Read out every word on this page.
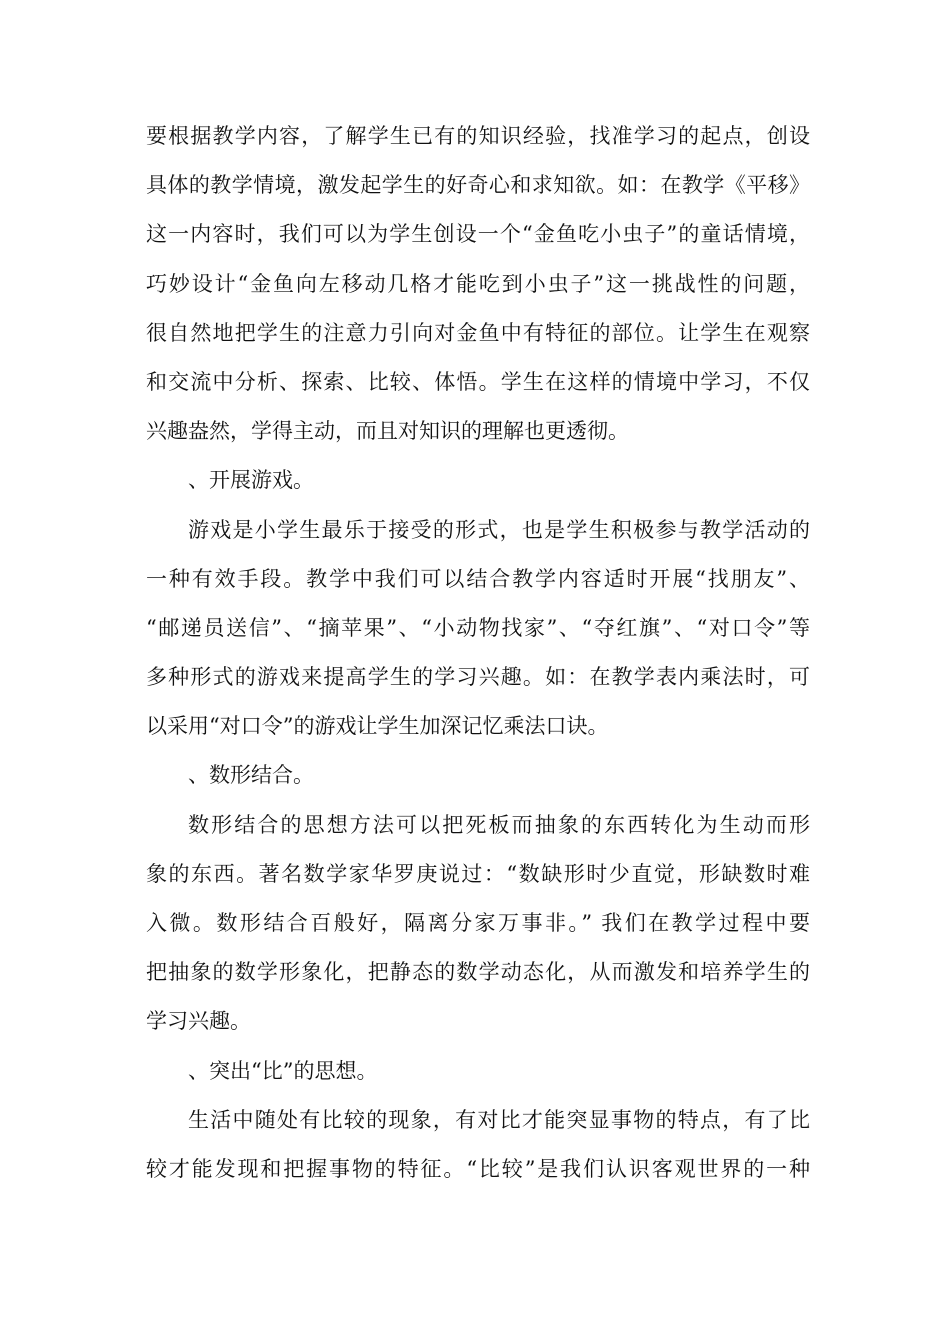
要根据教学内容，了解学生已有的知识经验，找准学习的起点，创设
具体的教学情境，激发起学生的好奇心和求知欲。如：在教学《平移》
这一内容时，我们可以为学生创设一个“金鱼吃小虫子”的童话情境，
巧妙设计“金鱼向左移动几格才能吃到小虫子”这一挑战性的问题，
很自然地把学生的注意力引向对金鱼中有特征的部位。让学生在观察
和交流中分析、探索、比较、体悟。学生在这样的情境中学习，不仅
兴趣盎然，学得主动，而且对知识的理解也更透彻。
、开展游戏。
游戏是小学生最乐于接受的形式，也是学生积极参与教学活动的
一种有效手段。教学中我们可以结合教学内容适时开展“找朋友”、
“邮递员送信”、“摘苹果”、“小动物找家”、“夺红旗”、“对口令”等
多种形式的游戏来提高学生的学习兴趣。如：在教学表内乘法时，可
以采用“对口令”的游戏让学生加深记忆乘法口诀。
、数形结合。
数形结合的思想方法可以把死板而抽象的东西转化为生动而形
象的东西。著名数学家华罗庚说过：“数缺形时少直觉，形缺数时难
入微。数形结合百般好，隔离分家万事非。” 我们在教学过程中要
把抽象的数学形象化，把静态的数学动态化，从而激发和培养学生的
学习兴趣。
、突出“比”的思想。
生活中随处有比较的现象，有对比才能突显事物的特点，有了比
较才能发现和把握事物的特征。“比较”是我们认识客观世界的一种
